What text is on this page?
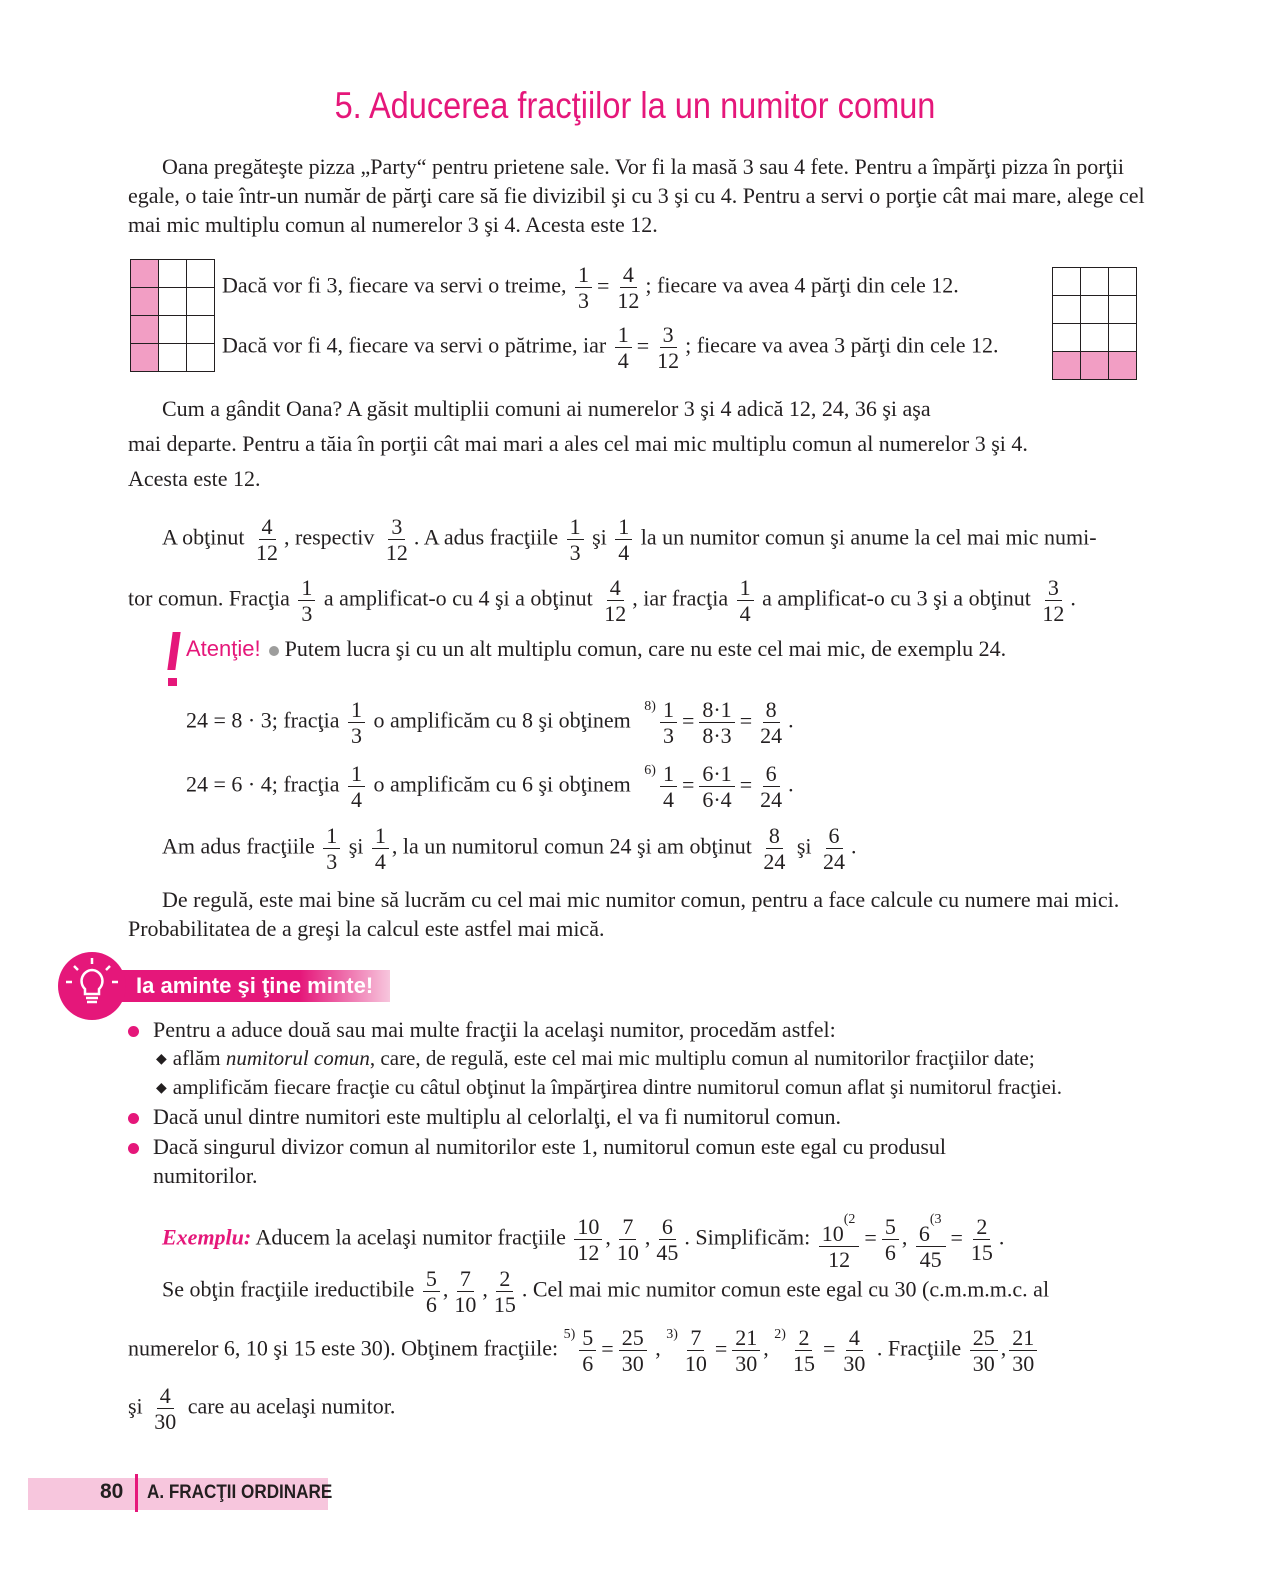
5. Aducerea fracţiilor la un numitor comun
Oana pregăteşte pizza „Party“ pentru prietene sale. Vor fi la masă 3 sau 4 fete. Pentru a împărţi pizza în porţii egale, o taie într-un număr de părţi care să fie divizibil şi cu 3 şi cu 4. Pentru a servi o porţie cât mai mare, alege cel mai mic multiplu comun al numerelor 3 şi 4. Acesta este 12.

Dacă vor fi 3, fiecare va servi o treime, $\frac{1}{3} = \frac{4}{12}$ ; fiecare va avea 4 părţi din cele 12.
Dacă vor fi 4, fiecare va servi o pătrime, iar $\frac{1}{4} = \frac{3}{12}$ ; fiecare va avea 3 părţi din cele 12.
Cum a gândit Oana? A găsit multiplii comuni ai numerelor 3 şi 4 adică 12, 24, 36 şi aşa
mai departe. Pentru a tăia în porţii cât mai mari a ales cel mai mic multiplu comun al numerelor 3 şi 4.
Acesta este 12.
A obţinut $\frac{4}{12}$ , respectiv $\frac{3}{12}$ . A adus fracţiile $\frac{1}{3}$ şi $\frac{1}{4}$ la un numitor comun şi anume la cel mai mic numi-
tor comun. Fracţia $\frac{1}{3}$ a amplificat-o cu 4 şi a obţinut $\frac{4}{12}$ , iar fracţia $\frac{1}{4}$ a amplificat-o cu 3 şi a obţinut $\frac{3}{12}$ .
Atenţie! Putem lucra şi cu un alt multiplu comun, care nu este cel mai mic, de exemplu 24.
24 = 8 · 3; fracţia $\frac{1}{3}$ o amplificăm cu 8 şi obţinem $^{8)} \frac{1}{3} = \frac{8\cdot 1}{8\cdot 3} = \frac{8}{24}$ .
24 = 6 · 4; fracţia $\frac{1}{4}$ o amplificăm cu 6 şi obţinem $^{6)} \frac{1}{4} = \frac{6\cdot 1}{6\cdot 4} = \frac{6}{24}$ .
Am adus fracţiile $\frac{1}{3}$ şi $\frac{1}{4}$ , la un numitorul comun 24 şi am obţinut $\frac{8}{24}$ şi $\frac{6}{24}$ .
De regulă, este mai bine să lucrăm cu cel mai mic numitor comun, pentru a face calcule cu numere mai mici. Probabilitatea de a greşi la calcul este astfel mai mică.
Ia aminte şi ţine minte!
Pentru a aduce două sau mai multe fracţii la acelaşi numitor, procedăm astfel:
◆ aflăm numitorul comun, care, de regulă, este cel mai mic multiplu comun al numitorilor fracţiilor date;
◆ amplificăm fiecare fracţie cu câtul obţinut la împărţirea dintre numitorul comun aflat şi numitorul fracţiei.
Dacă unul dintre numitori este multiplu al celorlalţi, el va fi numitorul comun.
Dacă singurul divizor comun al numitorilor este 1, numitorul comun este egal cu produsul
numitorilor.
Exemplu: Aducem la acelaşi numitor fracţiile $\frac{10}{12}$ , $\frac{7}{10}$ , $\frac{6}{45}$ . Simplificăm: $\frac{10^{(2}}{12} = \frac{5}{6}$ , $\frac{6^{(3}}{45} = \frac{2}{15}$ .
Se obţin fracţiile ireductibile $\frac{5}{6}$ , $\frac{7}{10}$ , $\frac{2}{15}$ . Cel mai mic numitor comun este egal cu 30 (c.m.m.m.c. al
numerelor 6, 10 şi 15 este 30). Obţinem fracţiile: $^{5)} \frac{5}{6} = \frac{25}{30}$ , $^{3)} \frac{7}{10} = \frac{21}{30}$ , $^{2)} \frac{2}{15} = \frac{4}{30}$ . Fracţiile $\frac{25}{30}$ , $\frac{21}{30}$
şi $\frac{4}{30}$ care au acelaşi numitor.
80 A. FRACŢII ORDINARE
